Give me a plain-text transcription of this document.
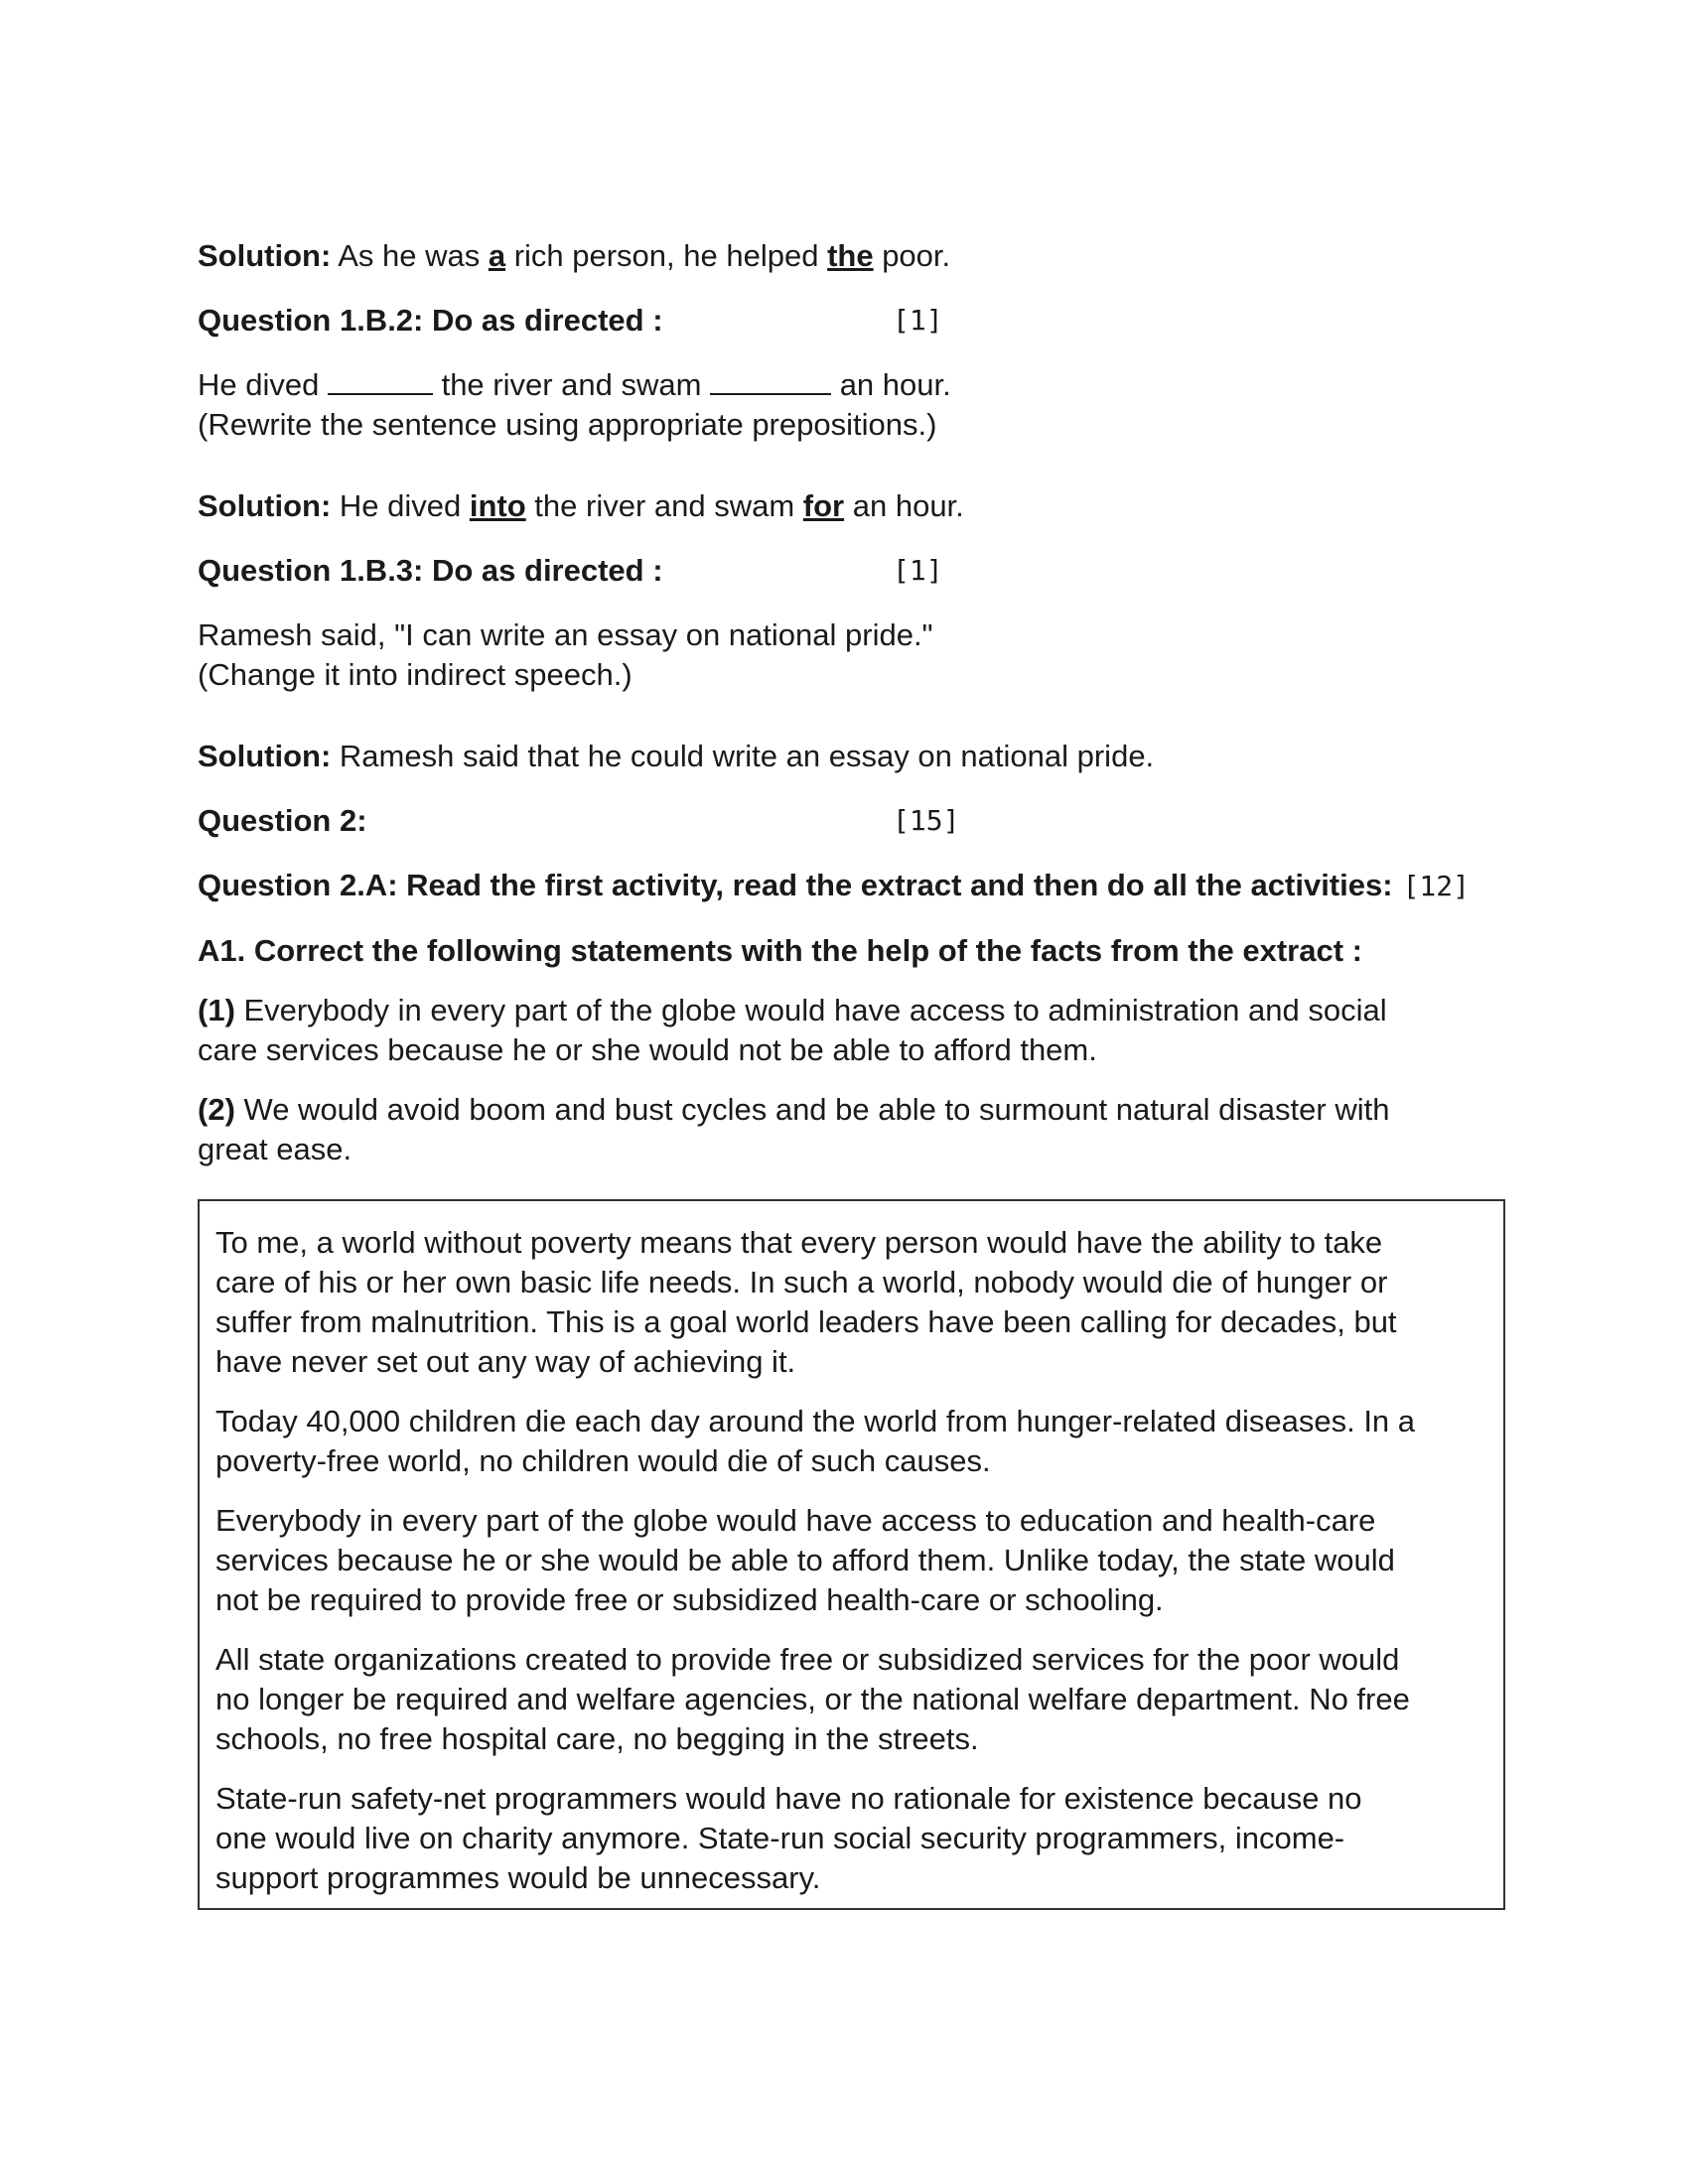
Solution: As he was a rich person, he helped the poor.

Question 1.B.2: Do as directed :	[1]

He dived	the river and swam	an hour.

(Rewrite the sentence using appropriate prepositions.)

Solution: He dived into the river and swam for an hour.

Question 1.B.3: Do as directed :	[1]

Ramesh said, "I can write an essay on national pride."

(Change it into indirect speech.)

Solution: Ramesh said that he could write an essay on national pride.

Question 2:	[15]

Question 2.A: Read the first activity, read the extract and then do all the activities: [12]

A1. Correct the following statements with the help of the facts from the extract :

(1) Everybody in every part of the globe would have access to administration and social

care services because he or she would not be able to afford them.

(2) We would avoid boom and bust cycles and be able to surmount natural disaster with

great ease.

To me, a world without poverty means that every person would have the ability to take
care of his or her own basic life needs. In such a world, nobody would die of hunger or
suffer from malnutrition. This is a goal world leaders have been calling for decades, but
have never set out any way of achieving it.

Today 40,000 children die each day around the world from hunger-related diseases. In a
poverty-free world, no children would die of such causes.

Everybody in every part of the globe would have access to education and health-care
services because he or she would be able to afford them. Unlike today, the state would
not be required to provide free or subsidized health-care or schooling.

All state organizations created to provide free or subsidized services for the poor would
no longer be required and welfare agencies, or the national welfare department. No free
schools, no free hospital care, no begging in the streets.

State-run safety-net programmers would have no rationale for existence because no
one would live on charity anymore. State-run social security programmers, income-
support programmes would be unnecessary.
